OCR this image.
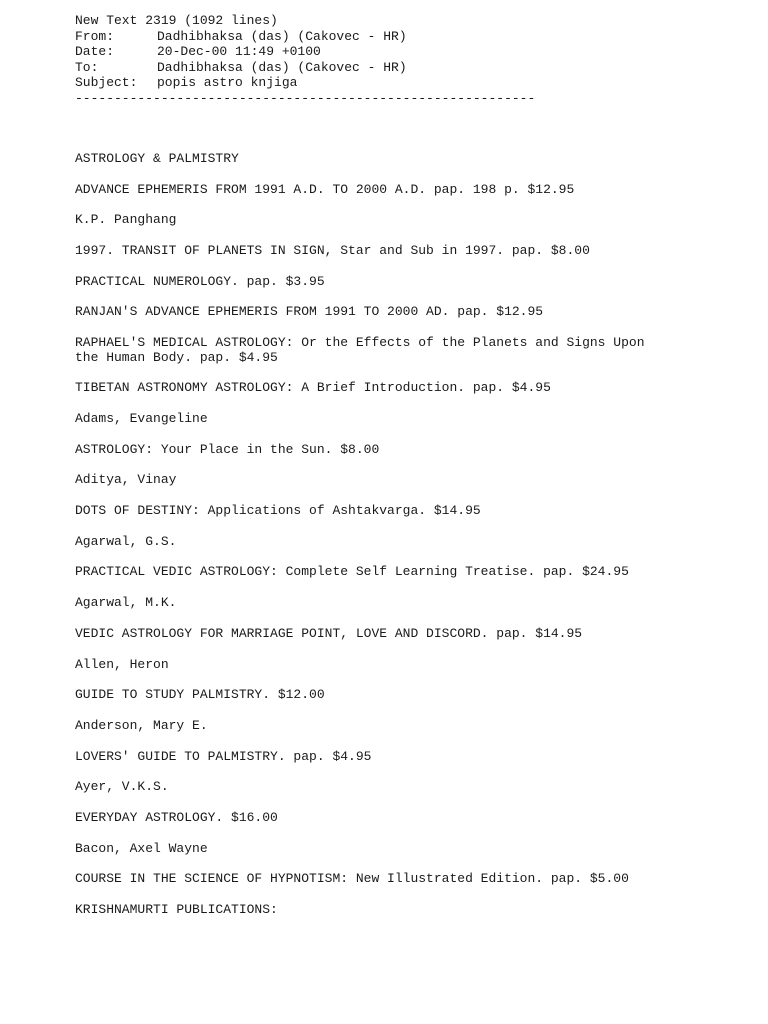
New Text 2319 (1092 lines)
From:	Dadhibhaksa (das) (Cakovec - HR)
Date:	20-Dec-00 11:49 +0100
To:	Dadhibhaksa (das) (Cakovec - HR)
Subject: popis astro knjiga
-----------------------------------------------------------
ASTROLOGY & PALMISTRY
ADVANCE EPHEMERIS FROM 1991 A.D. TO 2000 A.D. pap. 198 p. $12.95
K.P. Panghang
1997. TRANSIT OF PLANETS IN SIGN, Star and Sub in 1997. pap. $8.00
PRACTICAL NUMEROLOGY. pap. $3.95
RANJAN'S ADVANCE EPHEMERIS FROM 1991 TO 2000 AD. pap. $12.95
RAPHAEL'S MEDICAL ASTROLOGY: Or the Effects of the Planets and Signs Upon
the Human Body. pap. $4.95
TIBETAN ASTRONOMY ASTROLOGY: A Brief Introduction. pap. $4.95
Adams, Evangeline
ASTROLOGY: Your Place in the Sun. $8.00
Aditya, Vinay
DOTS OF DESTINY: Applications of Ashtakvarga. $14.95
Agarwal, G.S.
PRACTICAL VEDIC ASTROLOGY: Complete Self Learning Treatise. pap. $24.95
Agarwal, M.K.
VEDIC ASTROLOGY FOR MARRIAGE POINT, LOVE AND DISCORD. pap. $14.95
Allen, Heron
GUIDE TO STUDY PALMISTRY. $12.00
Anderson, Mary E.
LOVERS' GUIDE TO PALMISTRY. pap. $4.95
Ayer, V.K.S.
EVERYDAY ASTROLOGY. $16.00
Bacon, Axel Wayne
COURSE IN THE SCIENCE OF HYPNOTISM: New Illustrated Edition. pap. $5.00
KRISHNAMURTI PUBLICATIONS:
